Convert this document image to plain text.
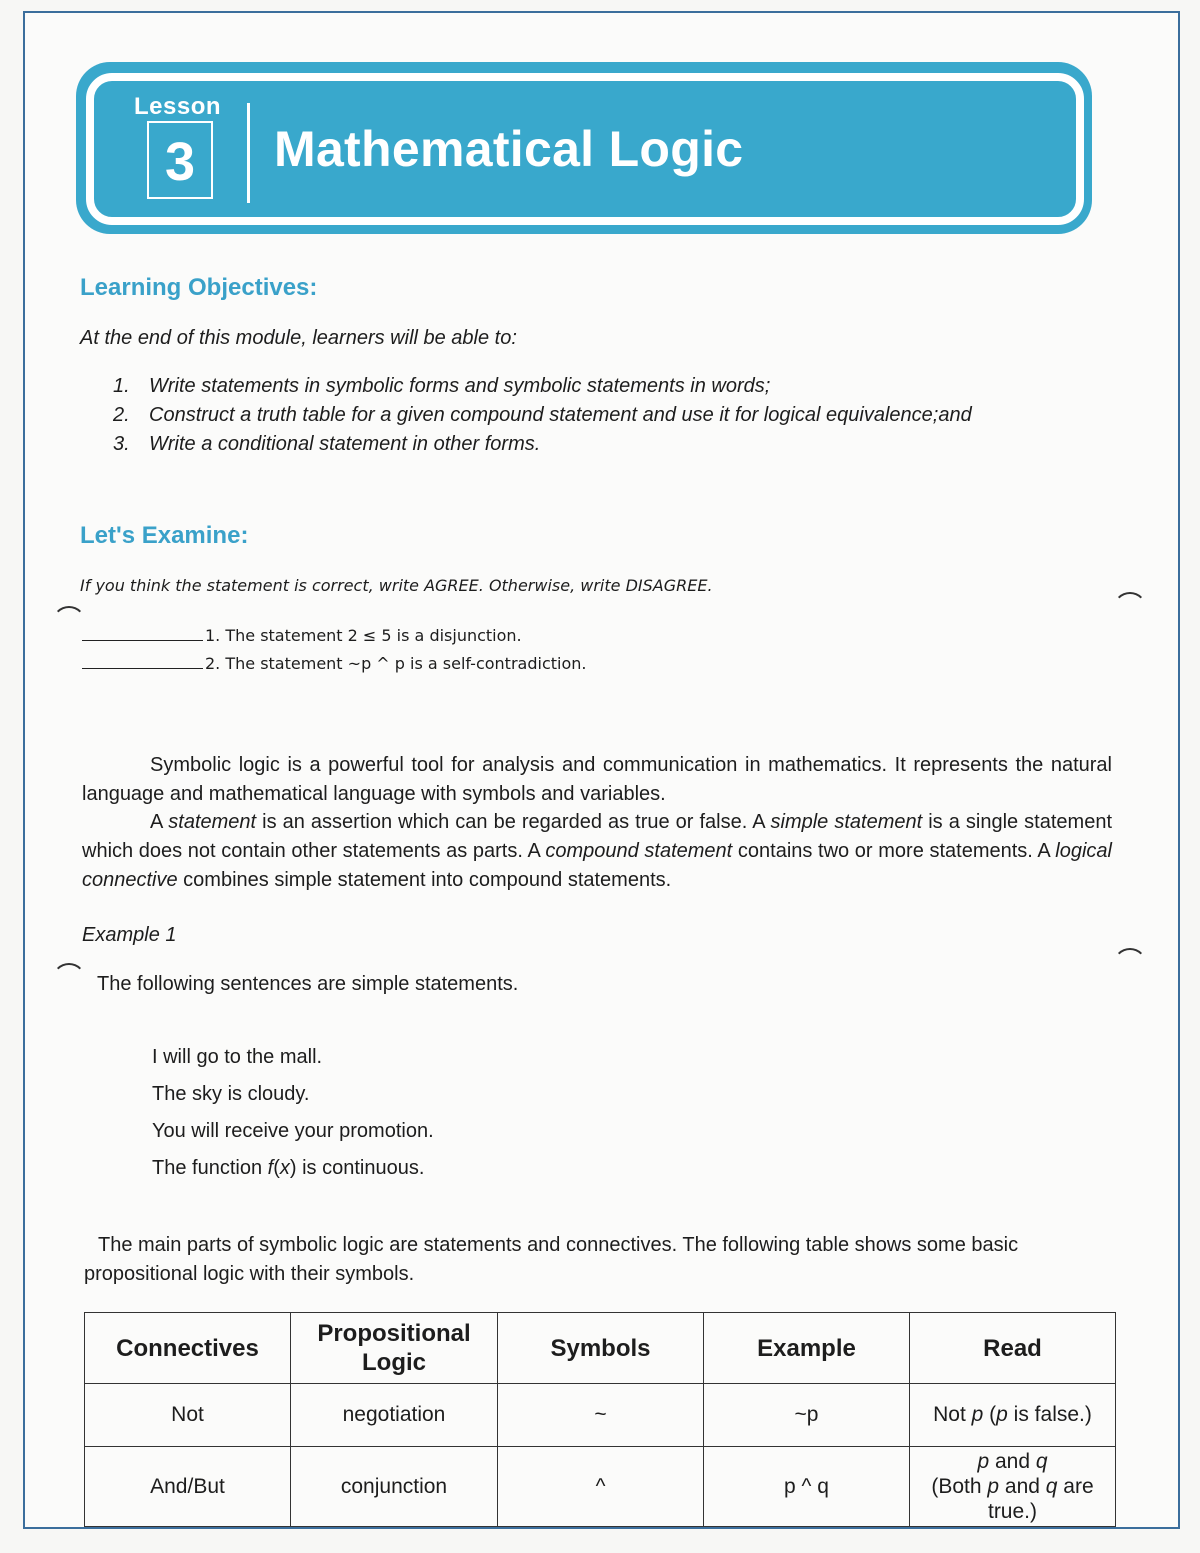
Lesson
3	Mathematical Logic
Learning Objectives:
At the end of this module, learners will be able to:
1. Write statements in symbolic forms and symbolic statements in words;
2. Construct a truth table for a given compound statement and use it for logical equivalence;and
3. Write a conditional statement in other forms.
Let's Examine:
If you think the statement is correct, write AGREE. Otherwise, write DISAGREE.
1. The statement 2 ≤ 5 is a disjunction.
2. The statement ~p ^ p is a self-contradiction.
Symbolic logic is a powerful tool for analysis and communication in mathematics. It represents the natural language and mathematical language with symbols and variables.
A statement is an assertion which can be regarded as true or false. A simple statement is a single statement which does not contain other statements as parts. A compound statement contains two or more statements. A logical connective combines simple statement into compound statements.
Example 1
The following sentences are simple statements.
I will go to the mall.
The sky is cloudy.
You will receive your promotion.
The function f(x) is continuous.
The main parts of symbolic logic are statements and connectives. The following table shows some basic propositional logic with their symbols.
Connectives	Propositional Logic	Symbols	Example	Read
Not	negotiation	~	~p	Not p (p is false.)
And/But	conjunction	^	p ^ q	p and q
(Both p and q are true.)
